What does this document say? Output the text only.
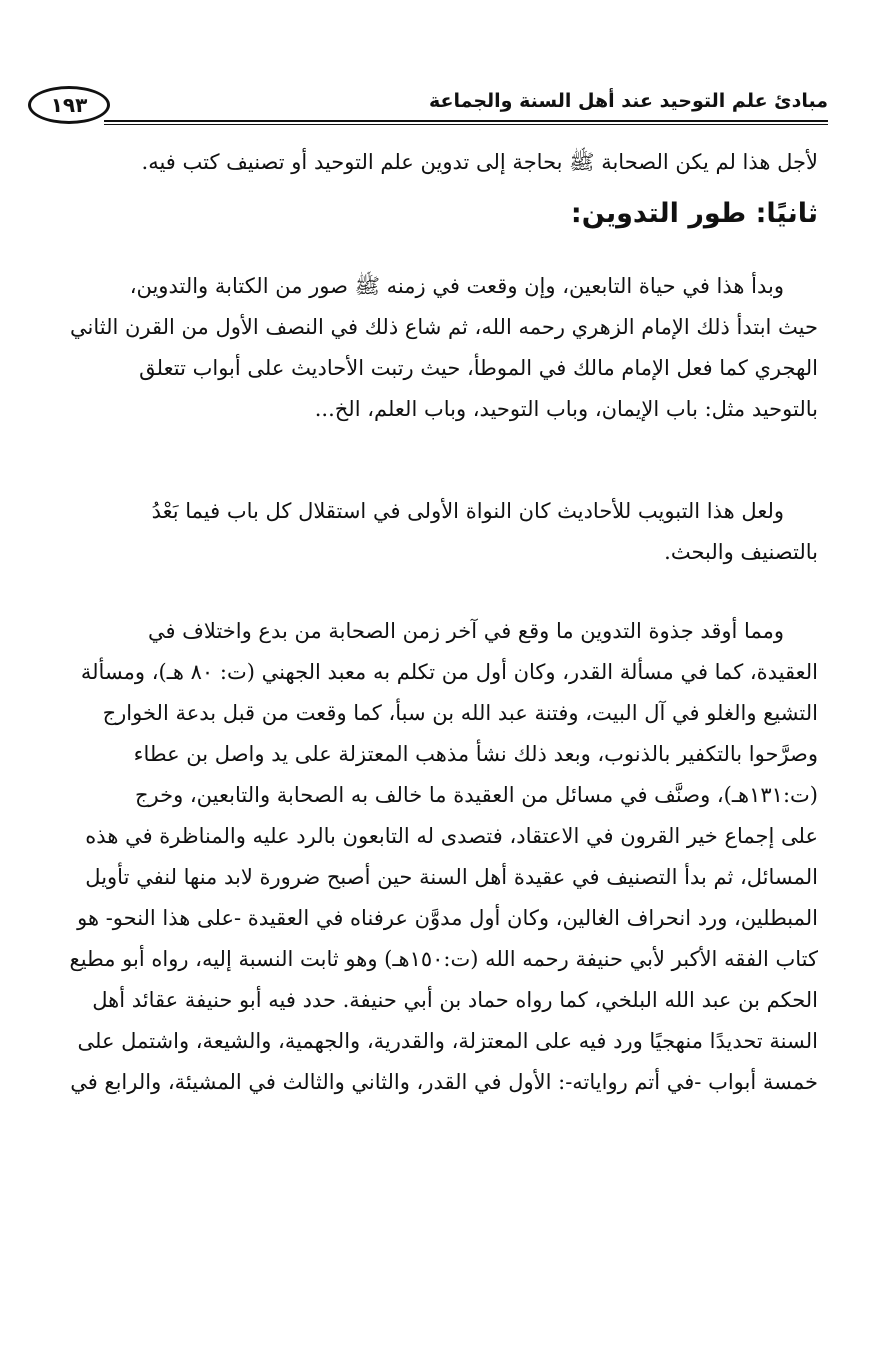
مبادئ علم التوحيد عند أهل السنة والجماعة
١٩٣
لأجل هذا لم يكن الصحابة ﷺ بحاجة إلى تدوين علم التوحيد أو تصنيف كتب فيه.
ثانيًا: طور التدوين:
وبدأ هذا في حياة التابعين، وإن وقعت في زمنه ﷺ صور من الكتابة والتدوين،
حيث ابتدأ ذلك الإمام الزهري رحمه الله، ثم شاع ذلك في النصف الأول من القرن الثاني
الهجري كما فعل الإمام مالك في الموطأ، حيث رتبت الأحاديث على أبواب تتعلق
بالتوحيد مثل: باب الإيمان، وباب التوحيد، وباب العلم، الخ...
ولعل هذا التبويب للأحاديث كان النواة الأولى في استقلال كل باب فيما بَعْدُ
بالتصنيف والبحث.
ومما أوقد جذوة التدوين ما وقع في آخر زمن الصحابة من بدع واختلاف في
العقيدة، كما في مسألة القدر، وكان أول من تكلم به معبد الجهني (ت: ٨٠ هـ)، ومسألة
التشيع والغلو في آل البيت، وفتنة عبد الله بن سبأ، كما وقعت من قبل بدعة الخوارج
وصرَّحوا بالتكفير بالذنوب، وبعد ذلك نشأ مذهب المعتزلة على يد واصل بن عطاء
(ت:١٣١هـ)، وصنَّف في مسائل من العقيدة ما خالف به الصحابة والتابعين، وخرج
على إجماع خير القرون في الاعتقاد، فتصدى له التابعون بالرد عليه والمناظرة في هذه
المسائل، ثم بدأ التصنيف في عقيدة أهل السنة حين أصبح ضرورة لابد منها لنفي تأويل
المبطلين، ورد انحراف الغالين، وكان أول مدوَّن عرفناه في العقيدة -على هذا النحو- هو
كتاب الفقه الأكبر لأبي حنيفة رحمه الله (ت:١٥٠هـ) وهو ثابت النسبة إليه، رواه أبو مطيع
الحكم بن عبد الله البلخي، كما رواه حماد بن أبي حنيفة. حدد فيه أبو حنيفة عقائد أهل
السنة تحديدًا منهجيًا ورد فيه على المعتزلة، والقدرية، والجهمية، والشيعة، واشتمل على
خمسة أبواب -في أتم رواياته-: الأول في القدر، والثاني والثالث في المشيئة، والرابع في
